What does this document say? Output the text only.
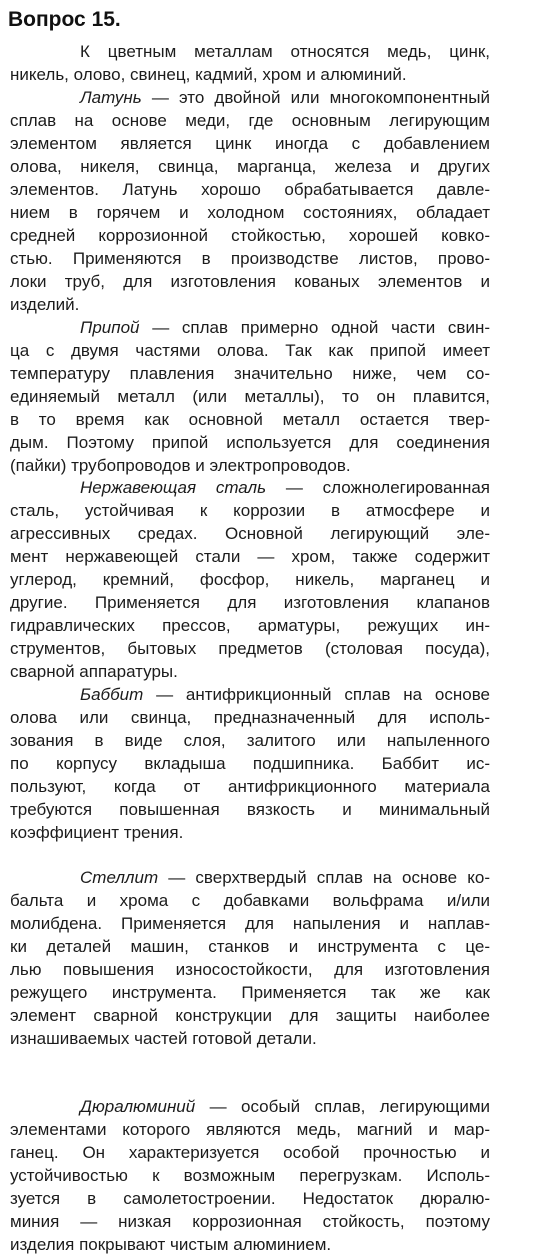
Вопрос 15.
К цветным металлам относятся медь, цинк,
никель, олово, свинец, кадмий, хром и алюминий.
Латунь — это двойной или многокомпонентный
сплав на основе меди, где основным легирующим
элементом является цинк иногда с добавлением
олова, никеля, свинца, марганца, железа и других
элементов. Латунь хорошо обрабатывается давле-
нием в горячем и холодном состояниях, обладает
средней коррозионной стойкостью, хорошей ковко-
стью. Применяются в производстве листов, прово-
локи труб, для изготовления кованых элементов и
изделий.
Припой — сплав примерно одной части свин-
ца с двумя частями олова. Так как припой имеет
температуру плавления значительно ниже, чем со-
единяемый металл (или металлы), то он плавится,
в то время как основной металл остается твер-
дым. Поэтому припой используется для соединения
(пайки) трубопроводов и электропроводов.
Нержавеющая сталь — сложнолегированная
сталь, устойчивая к коррозии в атмосфере и
агрессивных средах. Основной легирующий эле-
мент нержавеющей стали — хром, также содержит
углерод, кремний, фосфор, никель, марганец и
другие. Применяется для изготовления клапанов
гидравлических прессов, арматуры, режущих ин-
струментов, бытовых предметов (столовая посуда),
сварной аппаратуры.
Баббит — антифрикционный сплав на основе
олова или свинца, предназначенный для исполь-
зования в виде слоя, залитого или напыленного
по корпусу вкладыша подшипника. Баббит ис-
пользуют, когда от антифрикционного материала
требуются повышенная вязкость и минимальный
коэффициент трения.
Стеллит — сверхтвердый сплав на основе ко-
бальта и хрома с добавками вольфрама и/или
молибдена. Применяется для напыления и наплав-
ки деталей машин, станков и инструмента с це-
лью повышения износостойкости, для изготовления
режущего инструмента. Применяется так же как
элемент сварной конструкции для защиты наиболее
изнашиваемых частей готовой детали.
Дюралюминий — особый сплав, легирующими
элементами которого являются медь, магний и мар-
ганец. Он характеризуется особой прочностью и
устойчивостью к возможным перегрузкам. Исполь-
зуется в самолетостроении. Недостаток дюралю-
миния — низкая коррозионная стойкость, поэтому
изделия покрывают чистым алюминием.
